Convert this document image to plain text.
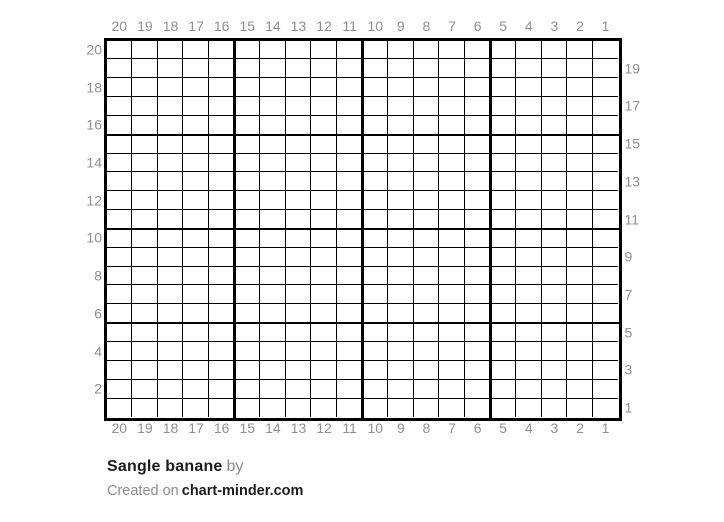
20 19 18 17 16 15 14 13 12 11 10 9	8	7	6	5	4	3	2	1
20
18
16
14
12
10
8
6
4
2
19
17
15
13
11
9
7
5
3
1
20 19 18 17 16 15 14 13 12 11 10 9	8	7	6	5	4	3	2	1
Sangle banane by
Created on chart-minder.com
